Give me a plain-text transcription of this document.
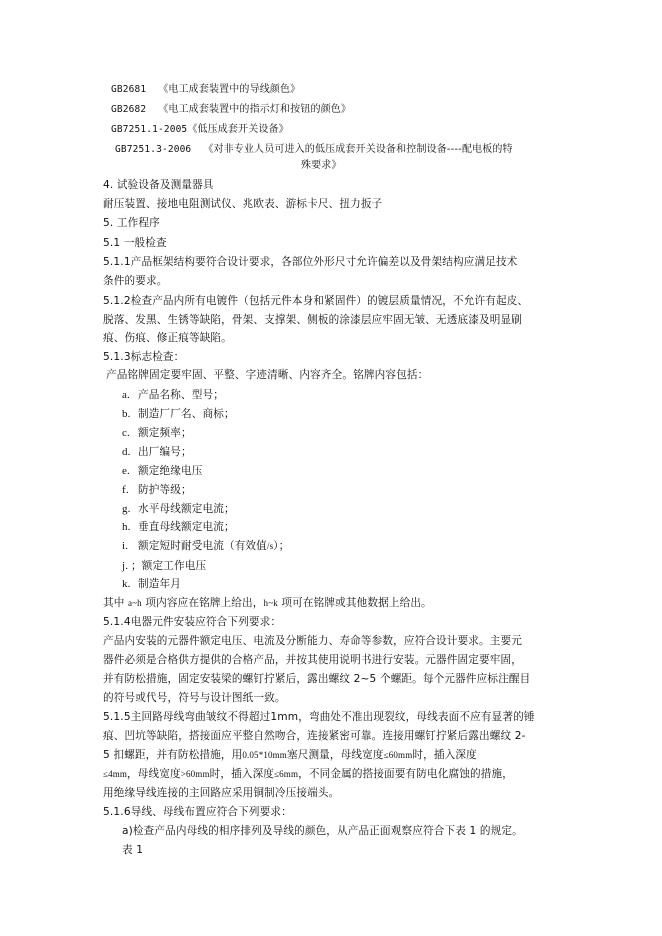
GB2681 《电工成套装置中的导线颜色》
GB2682 《电工成套装置中的指示灯和按钮的颜色》
GB7251.1-2005《低压成套开关设备》
GB7251.3-2006 《对非专业人员可进入的低压成套开关设备和控制设备----配电板的特
殊要求》
4. 试验设备及测量器具
耐压装置、接地电阻测试仪、兆欧表、游标卡尺、扭力扳子
5. 工作程序
5.1 一般检查
5.1.1产品框架结构要符合设计要求，各部位外形尺寸允许偏差以及骨架结构应满足技术
条件的要求。
5.1.2检查产品内所有电镀件（包括元件本身和紧固件）的镀层质量情况，不允许有起皮、
脱落、发黑、生锈等缺陷，骨架、支撑架、侧板的涂漆层应牢固无皱、无透底漆及明显刷
痕、伤痕、修正痕等缺陷。
5.1.3标志检查：
产品铭牌固定要牢固、平整、字迹清晰、内容齐全。铭牌内容包括：
a. 产品名称、型号；
b. 制造厂厂名、商标；
c. 额定频率；
d. 出厂编号；
e. 额定绝缘电压
f. 防护等级；
g. 水平母线额定电流；
h. 垂直母线额定电流；
i. 额定短时耐受电流（有效值/s）；
j. ；额定工作电压
k. 制造年月
其中 a~h 项内容应在铭牌上给出，h~k 项可在铭牌或其他数据上给出。
5.1.4电器元件安装应符合下列要求：
产品内安装的元器件额定电压、电流及分断能力、寿命等参数，应符合设计要求。主要元
器件必须是合格供方提供的合格产品，并按其使用说明书进行安装。元器件固定要牢固，
并有防松措施，固定安装梁的螺钉拧紧后，露出螺纹 2~5 个螺距。每个元器件应标注醒目
的符号或代号，符号与设计图纸一致。
5.1.5主回路母线弯曲皱纹不得超过1mm，弯曲处不准出现裂纹，母线表面不应有显著的锤
痕、凹坑等缺陷，搭接面应平整自然吻合，连接紧密可靠。连接用螺钉拧紧后露出螺纹 2-
5 扣螺距，并有防松措施，用0.05*10mm塞尺测量，母线宽度≤60mm时，插入深度
≤4mm，母线宽度>60mm时，插入深度≤6mm，不同金属的搭接面要有防电化腐蚀的措施，
用绝缘导线连接的主回路应采用铜制冷压接端头。
5.1.6导线、母线布置应符合下列要求：
a)检查产品内母线的相序排列及导线的颜色，从产品正面观察应符合下表 1 的规定。
表 1
